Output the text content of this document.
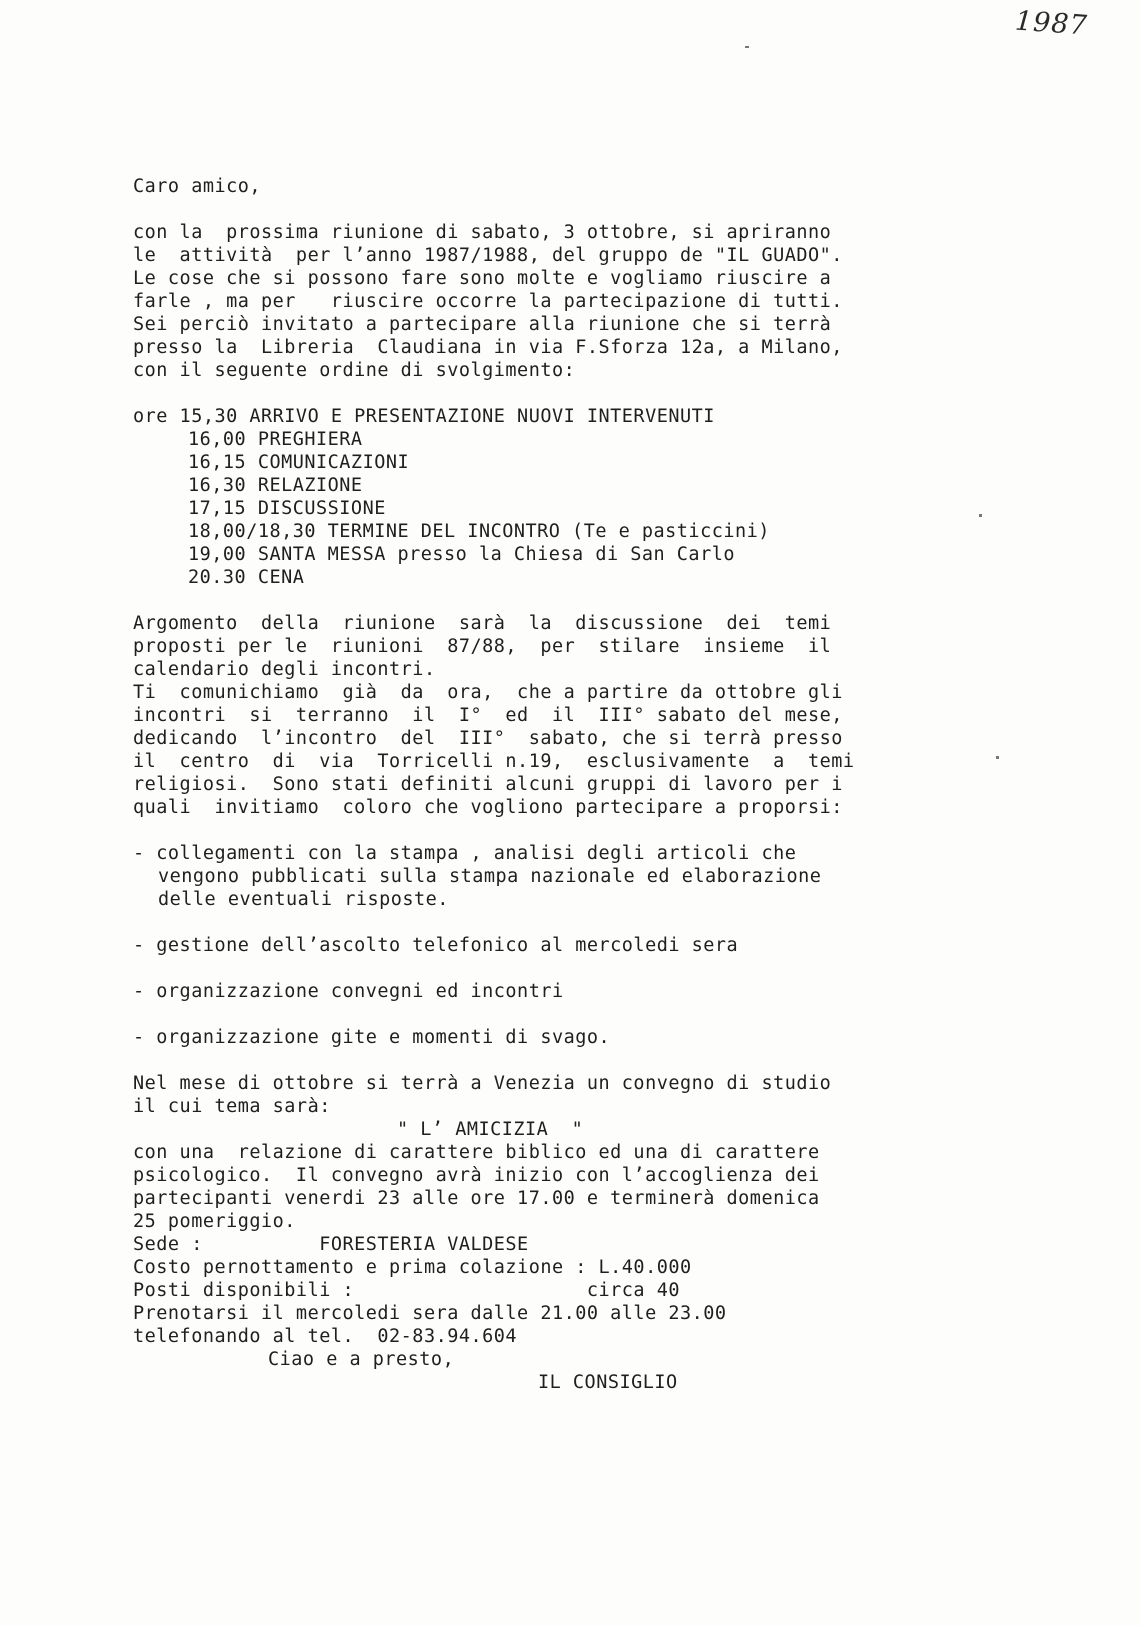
1987
Caro amico,
con la  prossima riunione di sabato, 3 ottobre, si apriranno
le  attività  per l’anno 1987/1988, del gruppo de "IL GUADO".
Le cose che si possono fare sono molte e vogliamo riuscire a
farle , ma per   riuscire occorre la partecipazione di tutti.
Sei perciò invitato a partecipare alla riunione che si terrà
presso la  Libreria  Claudiana in via F.Sforza 12a, a Milano,
con il seguente ordine di svolgimento:
ore 15,30 ARRIVO E PRESENTAZIONE NUOVI INTERVENUTI
16,00 PREGHIERA
16,15 COMUNICAZIONI
16,30 RELAZIONE
17,15 DISCUSSIONE
18,00/18,30 TERMINE DEL INCONTRO (Te e pasticcini)
19,00 SANTA MESSA presso la Chiesa di San Carlo
20.30 CENA
Argomento  della  riunione  sarà  la  discussione  dei  temi
proposti per le  riunioni  87/88,  per  stilare  insieme  il
calendario degli incontri.
Ti  comunichiamo  già  da  ora,  che a partire da ottobre gli
incontri  si  terranno  il  I°  ed  il  III° sabato del mese,
dedicando  l’incontro  del  III°  sabato, che si terrà presso
il  centro  di  via  Torricelli n.19,  esclusivamente  a  temi
religiosi.  Sono stati definiti alcuni gruppi di lavoro per i
quali  invitiamo  coloro che vogliono partecipare a proporsi:
- collegamenti con la stampa , analisi degli articoli che
vengono pubblicati sulla stampa nazionale ed elaborazione
delle eventuali risposte.
- gestione dell’ascolto telefonico al mercoledi sera
- organizzazione convegni ed incontri
- organizzazione gite e momenti di svago.
Nel mese di ottobre si terrà a Venezia un convegno di studio
il cui tema sarà:
" L’ AMICIZIA  "
con una  relazione di carattere biblico ed una di carattere
psicologico.  Il convegno avrà inizio con l’accoglienza dei
partecipanti venerdi 23 alle ore 17.00 e terminerà domenica
25 pomeriggio.
Sede :          FORESTERIA VALDESE
Costo pernottamento e prima colazione : L.40.000
Posti disponibili :                    circa 40
Prenotarsi il mercoledi sera dalle 21.00 alle 23.00
telefonando al tel.  02-83.94.604
Ciao e a presto,
IL CONSIGLIO
